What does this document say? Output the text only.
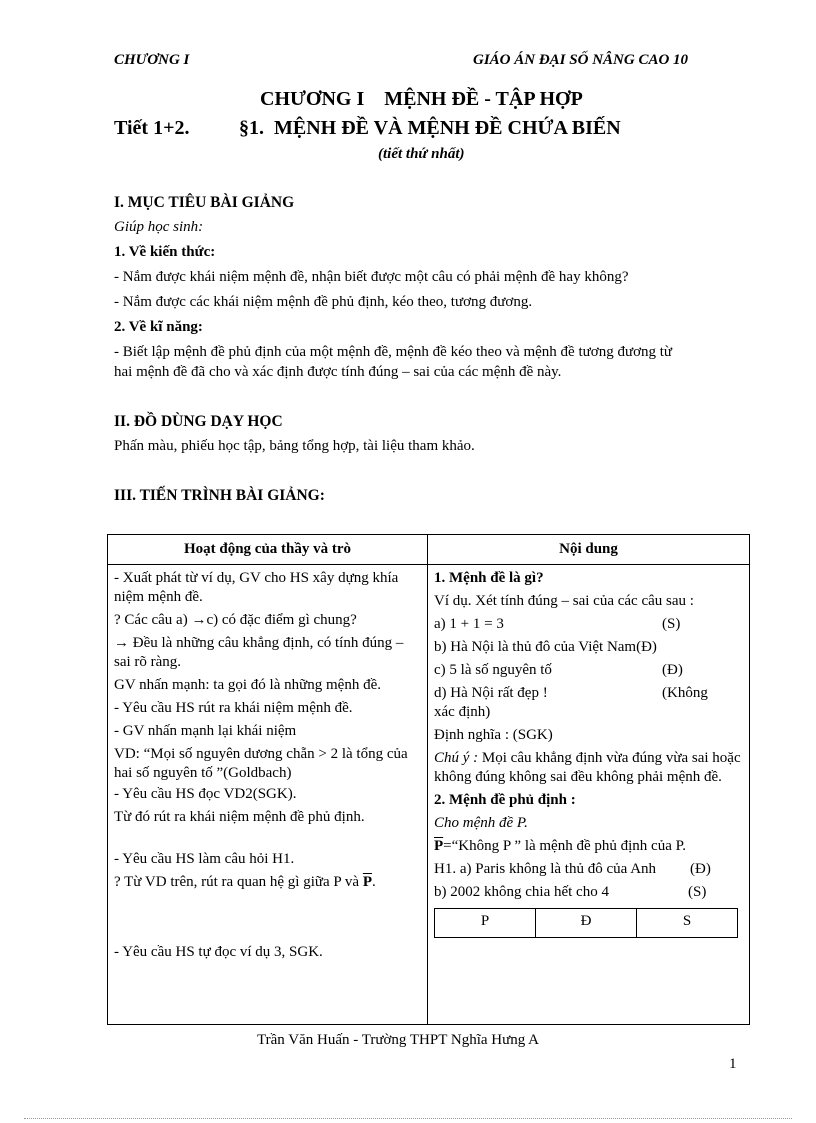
CHƯƠNG I	GIÁO ÁN ĐẠI SỐ NÂNG CAO 10
CHƯƠNG I    MỆNH ĐỀ - TẬP HỢP
Tiết 1+2. §1.  MỆNH ĐỀ VÀ MỆNH ĐỀ CHỨA BIẾN
(tiết thứ nhất)
I. MỤC TIÊU BÀI GIẢNG
Giúp học sinh:
1. Về kiến thức:
- Nắm được khái niệm mệnh đề, nhận biết được một câu có phải mệnh đề hay không?
- Nắm được các khái niệm mệnh đề phủ định, kéo theo, tương đương.
2. Về kĩ năng:
- Biết lập mệnh đề phủ định của một mệnh đề, mệnh đề kéo theo và mệnh đề tương đương từ
hai mệnh đề đã cho và xác định được tính đúng – sai của các mệnh đề này.
II. ĐỒ DÙNG DẠY HỌC
Phấn màu, phiếu học tập, bảng tổng hợp, tài liệu tham khảo.
III. TIẾN TRÌNH BÀI GIẢNG:
Hoạt động của thầy và trò	Nội dung

- Xuất phát từ ví dụ, GV cho HS xây dựng khía niệm mệnh đề.
? Các câu a) →c) có đặc điểm gì chung?
→ Đều là những câu khẳng định, có tính đúng – sai rõ ràng.
GV nhấn mạnh: ta gọi đó là những mệnh đề.
- Yêu cầu HS rút ra khái niệm mệnh đề.
- GV nhấn mạnh lại khái niệm
VD: “Mọi số nguyên dương chẵn > 2 là tổng của hai số nguyên tố ”(Goldbach)
- Yêu cầu HS đọc VD2(SGK).
Từ đó rút ra khái niệm mệnh đề phủ định.
- Yêu cầu HS làm câu hỏi H1.
? Từ VD trên, rút ra quan hệ gì giữa P và $\overline{P}$.
- Yêu cầu HS tự đọc ví dụ 3, SGK.

1. Mệnh đề là gì?
Ví dụ. Xét tính đúng – sai của các câu sau :
a) 1 + 1 = 3	(S)
b) Hà Nội là thủ đô của Việt Nam(Đ)
c) 5 là số nguyên tố	(Đ)
d) Hà Nội rất đẹp !	(Không
xác định)
Định nghĩa : (SGK)
Chú ý : Mọi câu khẳng định vừa đúng vừa sai hoặc không đúng không sai đều không phải mệnh đề.
2. Mệnh đề phủ định :
Cho mệnh đề P.
$\overline{P}=“Không$ P ” là mệnh đề phủ định của P.
H1. a) Paris không là thủ đô của Anh (Đ)
b) 2002 không chia hết cho 4	(S)
P	Đ	S
Trần Văn Huấn - Trường THPT Nghĩa Hưng A
1
